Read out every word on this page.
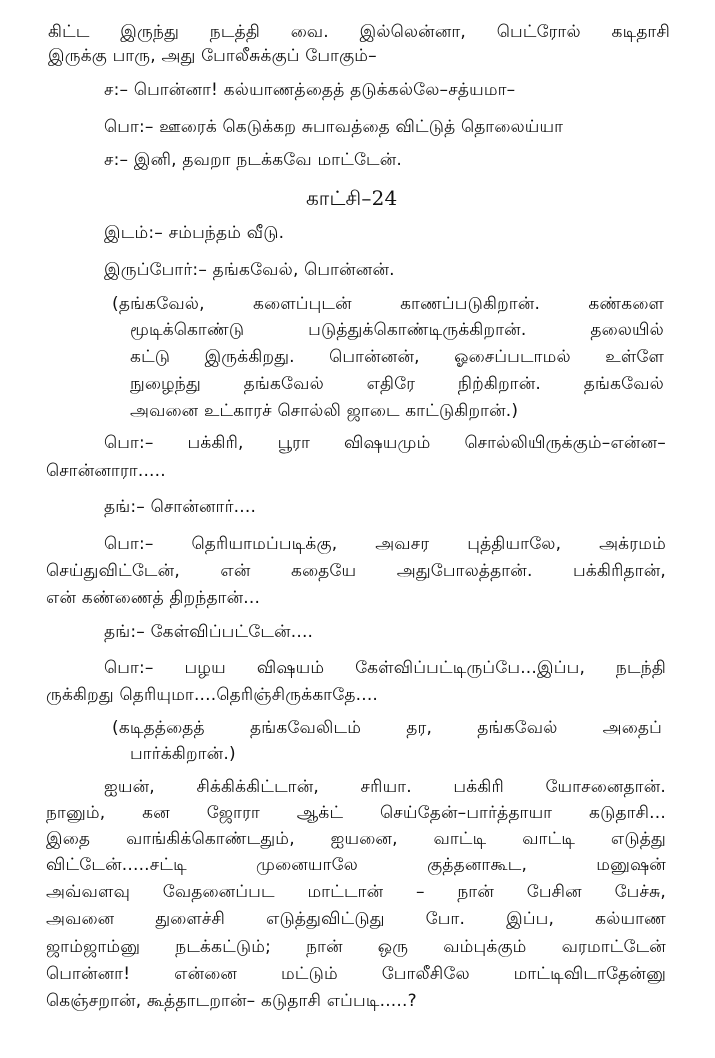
கிட்ட இருந்து நடத்தி வை. இல்லென்னா, பெட்ரோல் கடிதாசி
இருக்கு பாரு, அது போலீசுக்குப் போகும்–
ச:– பொன்னா! கல்யாணத்தைத் தடுக்கல்லே–சத்யமா–
பொ:– ஊரைக் கெடுக்கற சுபாவத்தை விட்டுத் தொலைய்யா
ச:– இனி, தவறா நடக்கவே மாட்டேன்.
காட்சி–24
இடம்:– சம்பந்தம் வீடு.
இருப்போர்:– தங்கவேல், பொன்னன்.
(தங்கவேல், களைப்புடன் காணப்படுகிறான். கண்களை
மூடிக்கொண்டு படுத்துக்கொண்டிருக்கிறான். தலையில்
கட்டு இருக்கிறது. பொன்னன், ஓசைப்படாமல் உள்ளே
நுழைந்து தங்கவேல் எதிரே நிற்கிறான். தங்கவேல்
அவனை உட்காரச் சொல்லி ஜாடை காட்டுகிறான்.)
பொ:– பக்கிரி, பூரா விஷயமும் சொல்லியிருக்கும்–என்ன–
சொன்னாரா.....
தங்:– சொன்னார்....
பொ:– தெரியாமப்படிக்கு, அவசர புத்தியாலே, அக்ரமம்
செய்துவிட்டேன், என் கதையே அதுபோலத்தான். பக்கிரிதான்,
என் கண்ணைத் திறந்தான்...
தங்:– கேள்விப்பட்டேன்....
பொ:– பழய விஷயம் கேள்விப்பட்டிருப்பே...இப்ப, நடந்தி
ருக்கிறது தெரியுமா....தெரிஞ்சிருக்காதே....
(கடிதத்தைத் தங்கவேலிடம் தர, தங்கவேல் அதைப்
பார்க்கிறான்.)
ஐயன், சிக்கிக்கிட்டான், சரியா. பக்கிரி யோசனைதான்.
நானும், கன ஜோரா ஆக்ட் செய்தேன்–பார்த்தாயா கடுதாசி...
இதை வாங்கிக்கொண்டதும், ஐயனை, வாட்டி வாட்டி எடுத்து
விட்டேன்.....சட்டி முனையாலே குத்தனாகூட, மனுஷன்
அவ்வளவு வேதனைப்பட மாட்டான் – நான் பேசின பேச்சு,
அவனை துளைச்சி எடுத்துவிட்டுது போ. இப்ப, கல்யாண
ஜாம்ஜாம்னு நடக்கட்டும்; நான் ஒரு வம்புக்கும் வரமாட்டேன்
பொன்னா! என்னை மட்டும் போலீசிலே மாட்டிவிடாதேன்னு
கெஞ்சறான், கூத்தாடறான்– கடுதாசி எப்படி.....?
